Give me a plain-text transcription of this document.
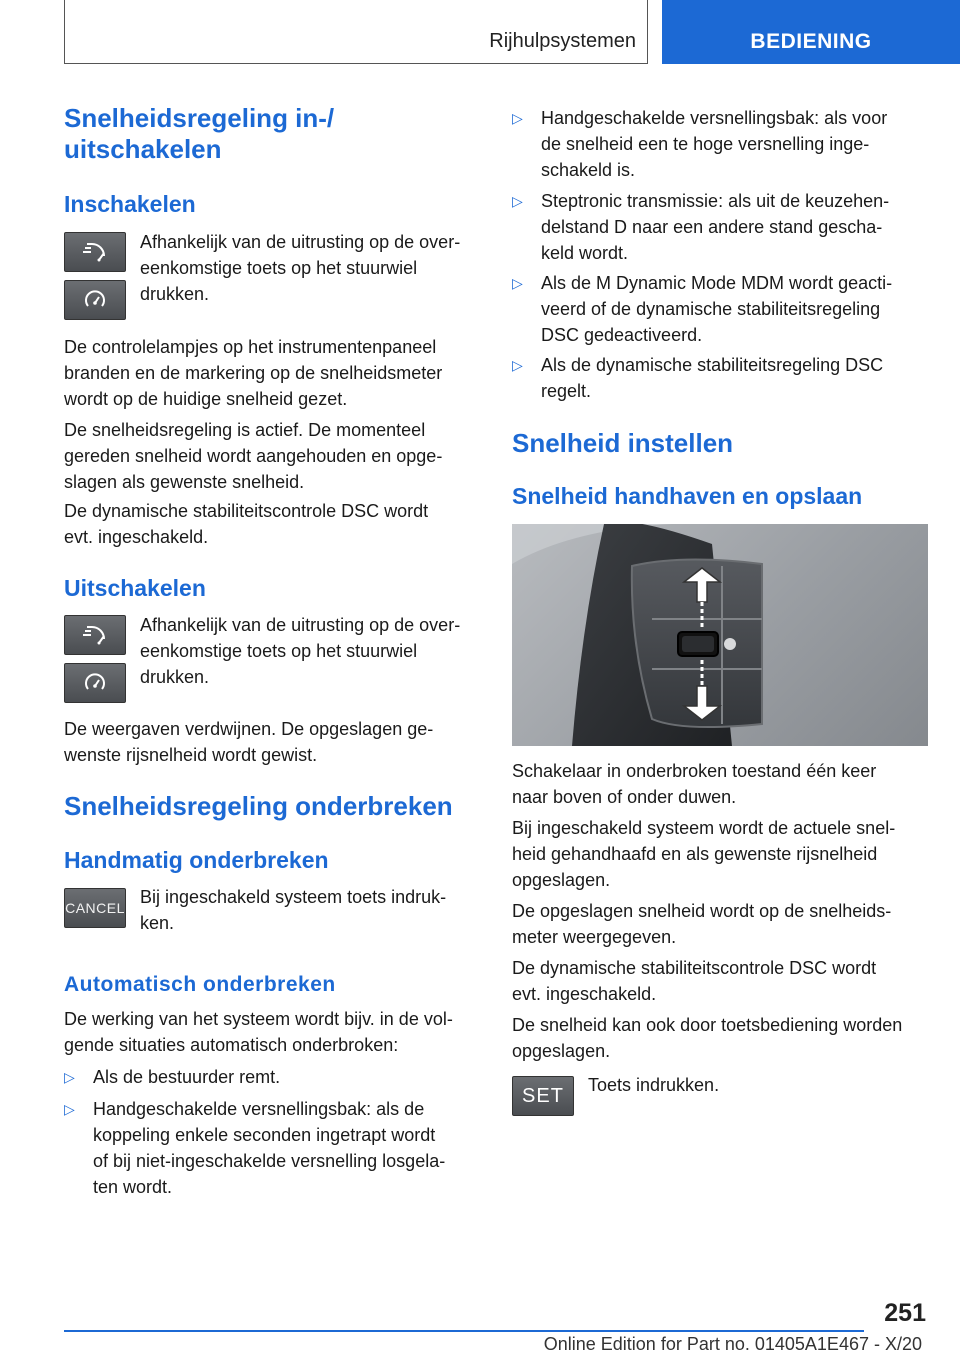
Rijhulpsystemen	BEDIENING
Snelheidsregeling in-/
uitschakelen
Inschakelen

Afhankelijk van de uitrusting op de over-

eenkomstige toets op het stuurwiel

drukken.

De controlelampjes op het instrumentenpaneel

branden en de markering op de snelheidsmeter

wordt op de huidige snelheid gezet.

De snelheidsregeling is actief. De momenteel

gereden snelheid wordt aangehouden en opge-

slagen als gewenste snelheid.

De dynamische stabiliteitscontrole DSC wordt

evt. ingeschakeld.

Uitschakelen

Afhankelijk van de uitrusting op de over-

eenkomstige toets op het stuurwiel

drukken.

De weergaven verdwijnen. De opgeslagen ge-

wenste rijsnelheid wordt gewist.

Snelheidsregeling onderbreken
Handmatig onderbreken
CANCEL

Bij ingeschakeld systeem toets indruk-

ken.

Automatisch onderbreken

De werking van het systeem wordt bijv. in de vol-

gende situaties automatisch onderbroken:

▷ Als de bestuurder remt.
▷ Handgeschakelde versnellingsbak: als de
koppeling enkele seconden ingetrapt wordt
of bij niet-ingeschakelde versnelling losgela-
ten wordt.
▷ Handgeschakelde versnellingsbak: als voor
de snelheid een te hoge versnelling inge-
schakeld is.
▷ Steptronic transmissie: als uit de keuzehen-
delstand D naar een andere stand gescha-
keld wordt.
▷ Als de M Dynamic Mode MDM wordt geacti-
veerd of de dynamische stabiliteitsregeling
DSC gedeactiveerd.
▷ Als de dynamische stabiliteitsregeling DSC
regelt.
Snelheid instellen
Snelheid handhaven en opslaan

Schakelaar in onderbroken toestand één keer

naar boven of onder duwen.

Bij ingeschakeld systeem wordt de actuele snel-

heid gehandhaafd en als gewenste rijsnelheid

opgeslagen.

De opgeslagen snelheid wordt op de snelheids-

meter weergegeven.

De dynamische stabiliteitscontrole DSC wordt

evt. ingeschakeld.

De snelheid kan ook door toetsbediening worden

opgeslagen.

SET Toets indrukken.

251
Online Edition for Part no. 01405A1E467 - X/20
